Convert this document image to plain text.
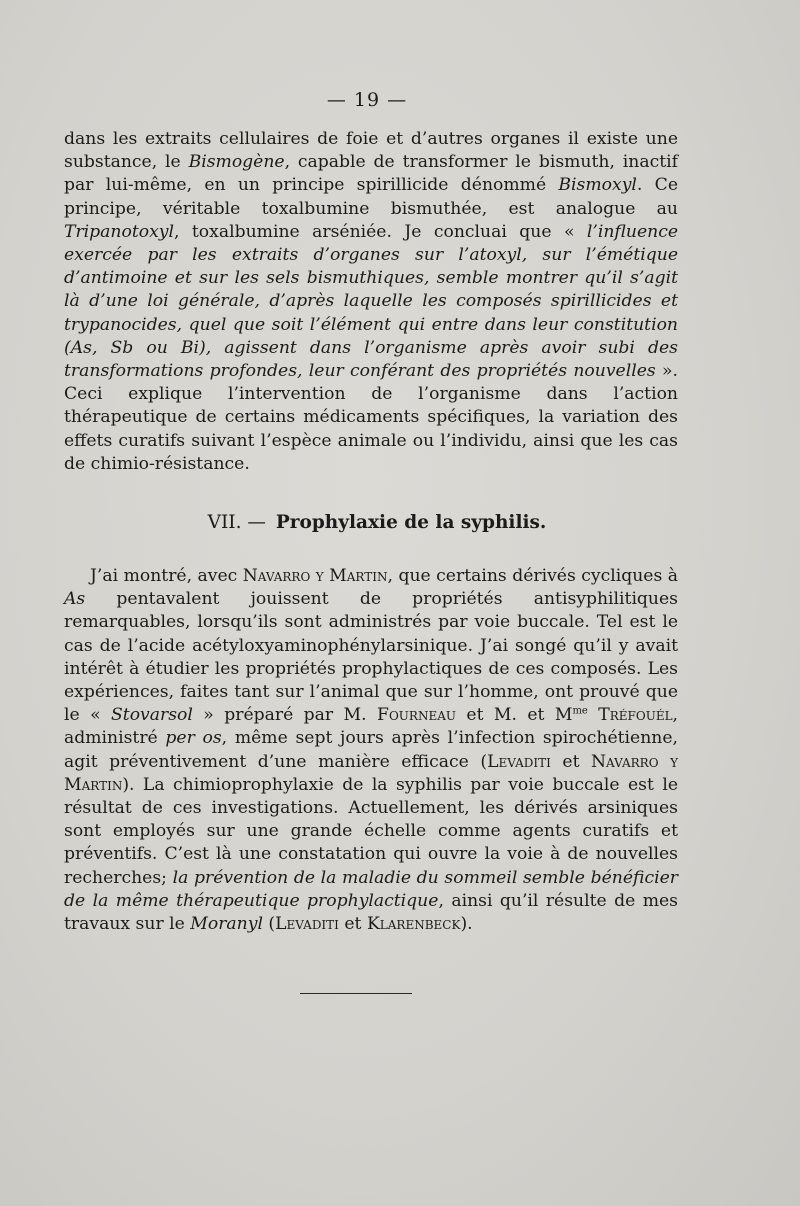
— 19 —

dans les extraits cellulaires de foie et d’autres organes il existe une substance, le Bismogène, capable de transformer le bismuth, inactif par lui-même, en un principe spirillicide dénommé Bismoxyl. Ce principe, véritable toxalbumine bismuthée, est analogue au Tripanotoxyl, toxalbumine arséniée. Je concluai que « l’influence exercée par les extraits d’organes sur l’atoxyl, sur l’émétique d’antimoine et sur les sels bismuthiques, semble montrer qu’il s’agit là d’une loi générale, d’après laquelle les composés spirillicides et trypanocides, quel que soit l’élément qui entre dans leur constitution (As, Sb ou Bi), agissent dans l’organisme après avoir subi des transformations profondes, leur conférant des propriétés nouvelles ». Ceci explique l’intervention de l’organisme dans l’action thérapeutique de certains médicaments spécifiques, la variation des effets curatifs suivant l’espèce animale ou l’individu, ainsi que les cas de chimio-résistance.

VII. — Prophylaxie de la syphilis.

J’ai montré, avec Navarro y Martin, que certains dérivés cycliques à As pentavalent jouissent de propriétés antisyphilitiques remarquables, lorsqu’ils sont administrés par voie buccale. Tel est le cas de l’acide acétyloxyaminophénylarsinique. J’ai songé qu’il y avait intérêt à étudier les propriétés prophylactiques de ces composés. Les expériences, faites tant sur l’animal que sur l’homme, ont prouvé que le « Stovarsol » préparé par M. Fourneau et M. et $M^{me}$ Tréfouél, administré per os, même sept jours après l’infection spirochétienne, agit préventivement d’une manière efficace (Levaditi et Navarro y Martin). La chimioprophylaxie de la syphilis par voie buccale est le résultat de ces investigations. Actuellement, les dérivés arsiniques sont employés sur une grande échelle comme agents curatifs et préventifs. C’est là une constatation qui ouvre la voie à de nouvelles recherches; la prévention de la maladie du sommeil semble bénéficier de la même thérapeutique prophylactique, ainsi qu’il résulte de mes travaux sur le Moranyl (Levaditi et Klarenbeck).
